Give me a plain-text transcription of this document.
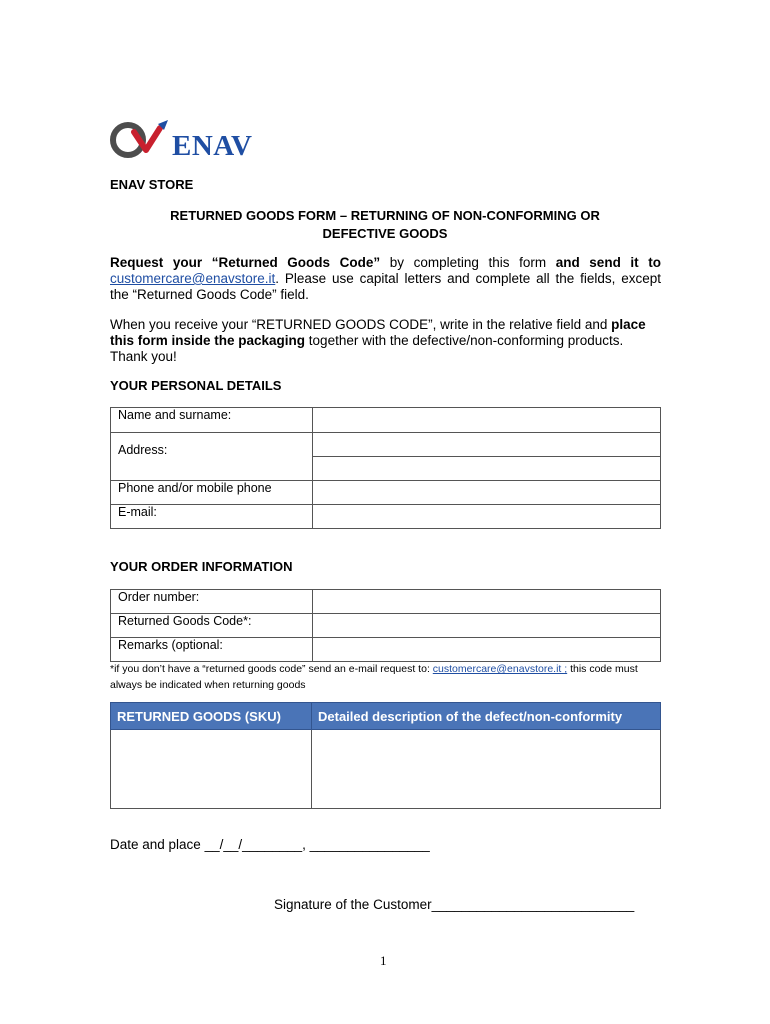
ENAV
ENAV STORE
RETURNED GOODS FORM – RETURNING OF NON-CONFORMING OR
DEFECTIVE GOODS
Request your “Returned Goods Code” by completing this form and send it to customercare@enavstore.it. Please use capital letters and complete all the fields, except the “Returned Goods Code” field.
When you receive your “RETURNED GOODS CODE”, write in the relative field and place this form inside the packaging together with the defective/non-conforming products. Thank you!
YOUR PERSONAL DETAILS
Name and surname:	
Address:	

Phone and/or mobile phone	
E-mail:	
YOUR ORDER INFORMATION
Order number:	
Returned Goods Code*:	
Remarks (optional:	
*if you don’t have a “returned goods code” send an e-mail request to: customercare@enavstore.it ; this code must always be indicated when returning goods
RETURNED GOODS (SKU)	Detailed description of the defect/non-conformity

Date and place __/__/________, ________________
Signature of the Customer___________________________
1
